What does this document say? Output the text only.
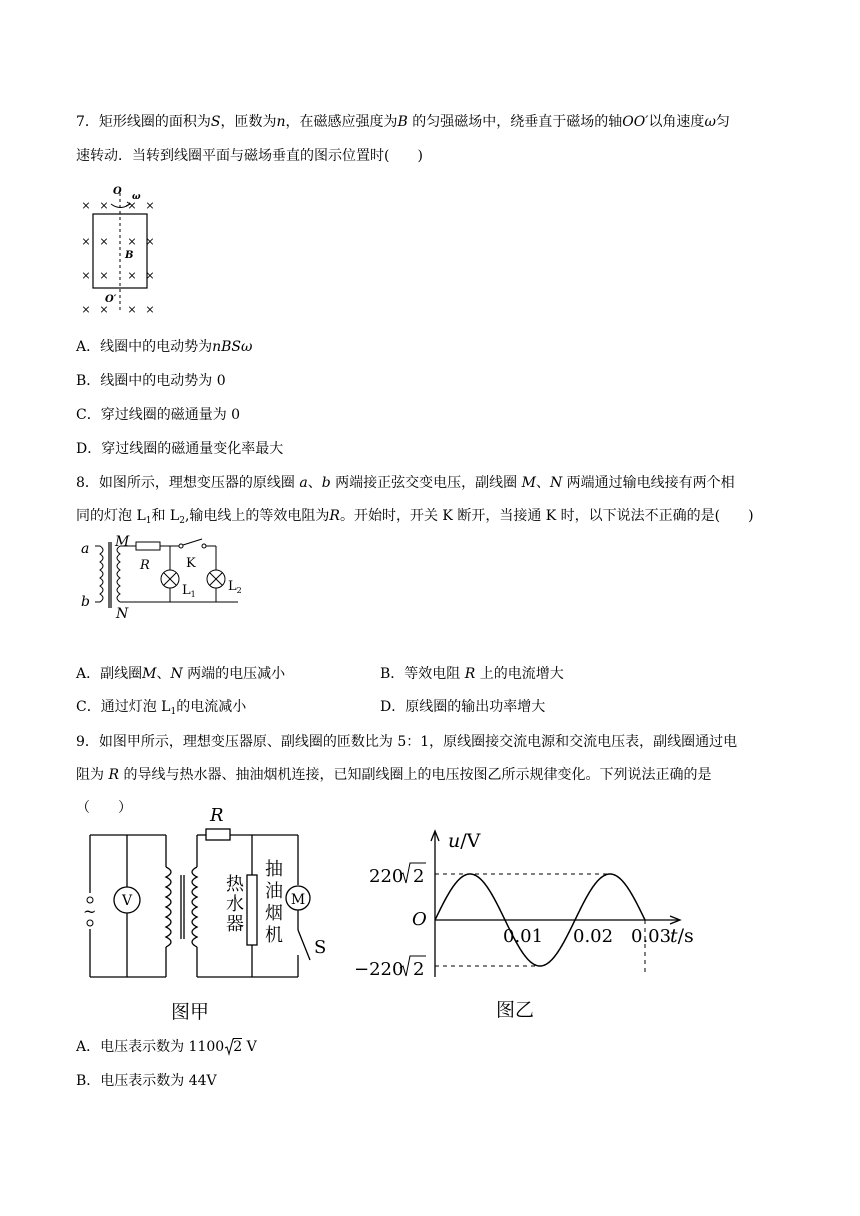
7．矩形线圈的面积为S，匝数为n，在磁感应强度为B 的匀强磁场中，绕垂直于磁场的轴OO′以角速度ω匀
速转动．当转到线圈平面与磁场垂直的图示位置时(　　)
O ω
B
O′
× × × ×
× × × ×
× × × ×
× × × ×
A．线圈中的电动势为nBSω
B．线圈中的电动势为 0
C．穿过线圈的磁通量为 0
D．穿过线圈的磁通量变化率最大
8．如图所示，理想变压器的原线圈 a、b 两端接正弦交变电压，副线圈 M、N 两端通过输电线接有两个相
同的灯泡 $L_1$和 $L_2$,输电线上的等效电阻为R。开始时，开关 K 断开，当接通 K 时，以下说法不正确的是(　　)
a
b
M
N
R	K
$L_1$
$L_2$
A．副线圈M、N 两端的电压减小	B．等效电阻 R 上的电流增大
C．通过灯泡 $L_1$的电流减小	D．原线圈的输出功率增大
9．如图甲所示，理想变压器原、副线圈的匝数比为 5：1，原线圈接交流电源和交流电压表，副线圈通过电
阻为 R 的导线与热水器、抽油烟机连接，已知副线圈上的电压按图乙所示规律变化。下列说法正确的是
（　　）
~
V
R
热
水
器
抽
油
烟
机
M
S
图甲
u/V
t/s
O
0.01 0.02 0.03
220 2
−220 2
图乙
A．电压表示数为 1100 2 V
B．电压表示数为 44V
